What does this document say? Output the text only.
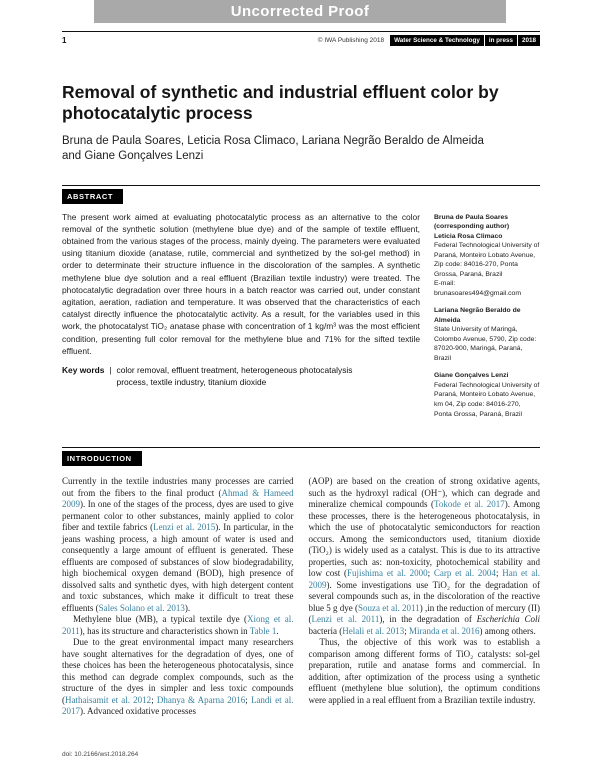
Uncorrected Proof
1	© IWA Publishing 2018	Water Science & Technology	in press	2018
Removal of synthetic and industrial effluent color by photocatalytic process
Bruna de Paula Soares, Leticia Rosa Climaco, Lariana Negrão Beraldo de Almeida and Giane Gonçalves Lenzi
ABSTRACT

The present work aimed at evaluating photocatalytic process as an alternative to the color removal of the synthetic solution (methylene blue dye) and of the sample of textile effluent, obtained from the various stages of the process, mainly dyeing. The parameters were evaluated using titanium dioxide (anatase, rutile, commercial and synthetized by the sol-gel method) in order to determinate their structure influence in the discoloration of the samples. A synthetic methylene blue dye solution and a real effluent (Brazilian textile industry) were treated. The photocatalytic degradation over three hours in a batch reactor was carried out, under constant agitation, aeration, radiation and temperature. It was observed that the characteristics of each catalyst directly influence the photocatalytic activity. As a result, for the variables used in this work, the photocatalyst TiO₂ anatase phase with concentration of 1 kg/m³ was the most efficient condition, presenting full color removal for the methylene blue and 71% for the sifted textile effluent.

Key words | color removal, effluent treatment, heterogeneous photocatalysis process, textile industry, titanium dioxide
Bruna de Paula Soares (corresponding author)
Leticia Rosa Climaco
Federal Technological University of Paraná, Monteiro Lobato Avenue, Zip code: 84016-270, Ponta Grossa, Paraná, Brazil
E-mail: brunasoares494@gmail.com
Lariana Negrão Beraldo de Almeida
State University of Maringá, Colombo Avenue, 5790, Zip code: 87020-900, Maringá, Paraná, Brazil
Giane Gonçalves Lenzi
Federal Technological University of Paraná, Monteiro Lobato Avenue, km 04, Zip code: 84016-270, Ponta Grossa, Paraná, Brazil
INTRODUCTION

Currently in the textile industries many processes are carried out from the fibers to the final product (Ahmad & Hameed 2009). In one of the stages of the process, dyes are used to give permanent color to other substances, mainly applied to color fiber and textile fabrics (Lenzi et al. 2015). In particular, in the jeans washing process, a high amount of water is used and consequently a large amount of effluent is generated. These effluents are composed of substances of slow biodegradability, high biochemical oxygen demand (BOD), high presence of dissolved salts and synthetic dyes, with high detergent content and toxic substances, which make it difficult to treat these effluents (Sales Solano et al. 2013).

Methylene blue (MB), a typical textile dye (Xiong et al. 2011), has its structure and characteristics shown in Table 1.

Due to the great environmental impact many researchers have sought alternatives for the degradation of dyes, one of these choices has been the heterogeneous photocatalysis, since this method can degrade complex compounds, such as the structure of the dyes in simpler and less toxic compounds (Hathaisamit et al. 2012; Dhanya & Aparna 2016; Landi et al. 2017). Advanced oxidative processes

(AOP) are based on the creation of strong oxidative agents, such as the hydroxyl radical (OH⁻), which can degrade and mineralize chemical compounds (Tokode et al. 2017). Among these processes, there is the heterogeneous photocatalysis, in which the use of photocatalytic semiconductors for reaction occurs. Among the semiconductors used, titanium dioxide (TiO₂) is widely used as a catalyst. This is due to its attractive properties, such as: non-toxicity, photochemical stability and low cost (Fujishima et al. 2000; Carp et al. 2004; Han et al. 2009). Some investigations use TiO₂ for the degradation of several compounds such as, in the discoloration of the reactive blue 5 g dye (Souza et al. 2011) ,in the reduction of mercury (II) (Lenzi et al. 2011), in the degradation of Escherichia Coli bacteria (Helali et al. 2013; Miranda et al. 2016) among others.

Thus, the objective of this work was to establish a comparison among different forms of TiO₂ catalysts: sol-gel preparation, rutile and anatase forms and commercial. In addition, after optimization of the process using a synthetic effluent (methylene blue solution), the optimum conditions were applied in a real effluent from a Brazilian textile industry.

doi: 10.2166/wst.2018.264
